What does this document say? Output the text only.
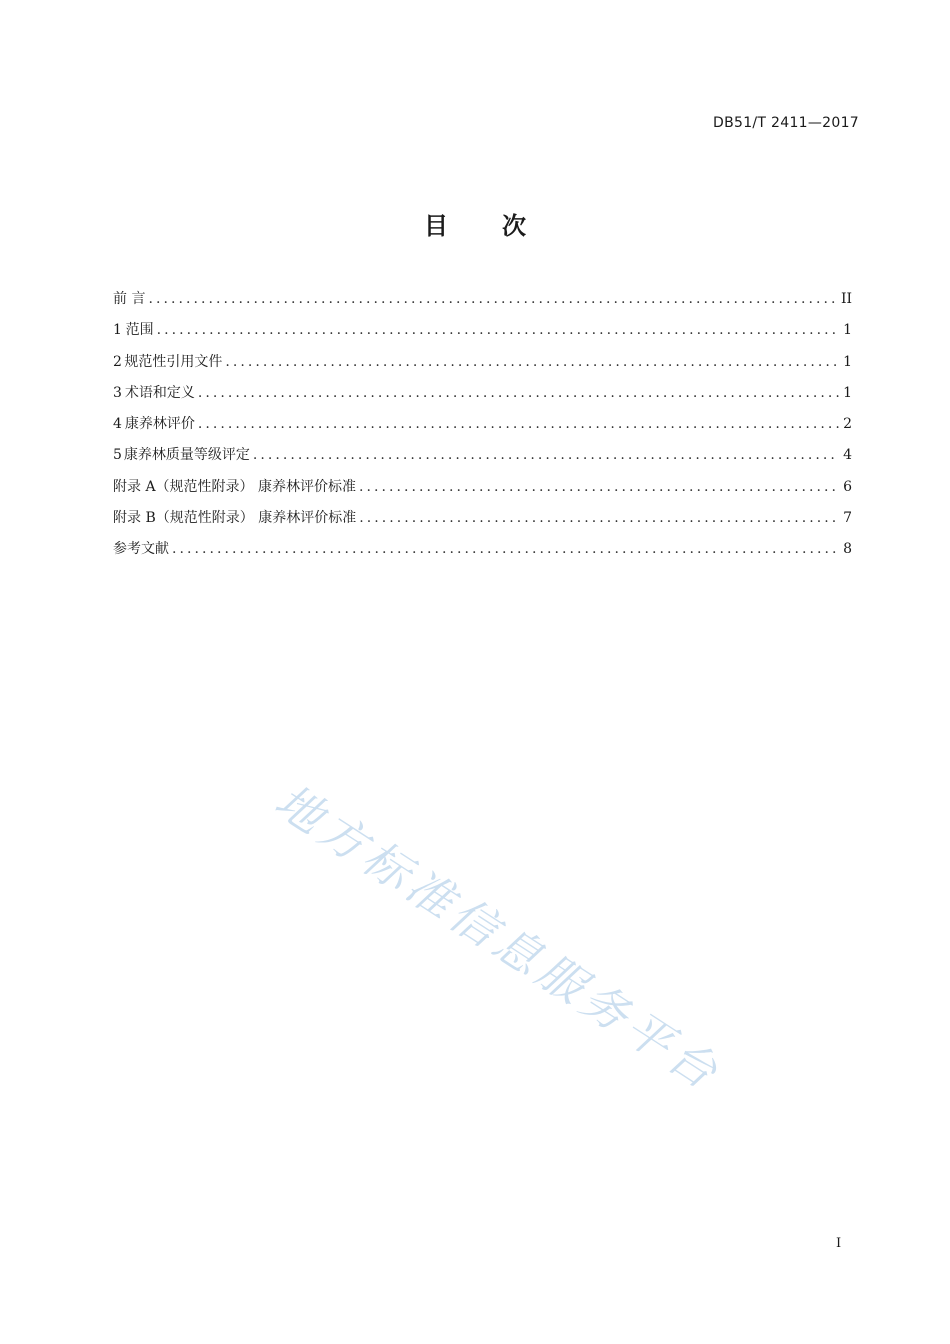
DB51/T 2411—2017
目 次
前 言 .....	II
1 范围 .....	1
2 规范性引用文件 .....	1
3 术语和定义 .....	1
4 康养林评价 .....	2
5 康养林质量等级评定 .....	4
附录 A（规范性附录） 康养林评价标准 .....	6
附录 B（规范性附录） 康养林评价标准 .....	7
参考文献 .....	8
地方标准信息服务平台
I
